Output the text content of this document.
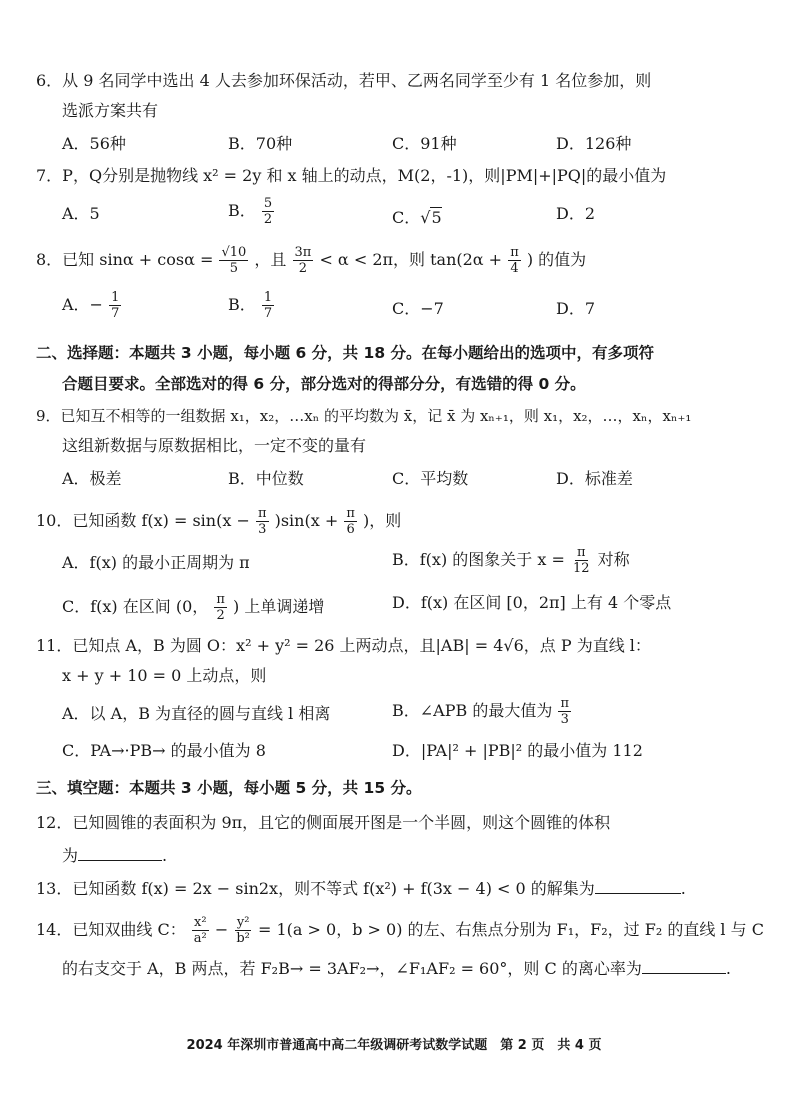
6．从 9 名同学中选出 4 人去参加环保活动，若甲、乙两名同学至少有 1 名位参加，则
选派方案共有
A．56种	B．70种	C．91种	D．126种
7．P，Q分别是抛物线 x² = 2y 和 x 轴上的动点，M(2，-1)，则|PM|+|PQ|的最小值为
A．5	B． $\frac{5}{2}$	C．√5	D．2
8．已知 $\sin\alpha + \cos\alpha = \frac{√10}{5}$ ，且 $\frac{3\pi}{2} < \alpha < 2\pi$，则 $\tan(2\alpha + \frac{\pi}{4}$ ) 的值为
A．− $\frac{1}{7}$	B． $\frac{1}{7}$	C．−7	D．7
二、选择题：本题共 3 小题，每小题 6 分，共 18 分。在每小题给出的选项中，有多项符
合题目要求。全部选对的得 6 分，部分选对的得部分分，有选错的得 0 分。
9．已知互不相等的一组数据 x₁，x₂，…xₙ 的平均数为 x̄，记 x̄ 为 xₙ₊₁，则 x₁，x₂，…，xₙ，xₙ₊₁
这组新数据与原数据相比，一定不变的量有
A．极差	B．中位数	C．平均数	D．标准差
10．已知函数 $f(x) = \sin(x - \frac{\pi}{3} )\sin(x + \frac{\pi}{6}$ )，则
A．f(x) 的最小正周期为 π	B．f(x) 的图象关于 $x = \frac{\pi}{12}$ 对称
C．f(x) 在区间 (0， $\frac{\pi}{2}$ ) 上单调递增	D．f(x) 在区间 [0，2π] 上有 4 个零点
11．已知点 A，B 为圆 O：x² + y² = 26 上两动点，且|AB| = 4√6，点 P 为直线 l：
x + y + 10 = 0 上动点，则
A．以 A，B 为直径的圆与直线 l 相离	B．∠APB 的最大值为 $\frac{\pi}{3}$
C．PA→·PB→ 的最小值为 8	D．|PA|² + |PB|² 的最小值为 112
三、填空题：本题共 3 小题，每小题 5 分，共 15 分。
12．已知圆锥的表面积为 9π，且它的侧面展开图是一个半圆，则这个圆锥的体积
为	.
13．已知函数 f(x) = 2x − sin2x，则不等式 f(x²) + f(3x − 4) < 0 的解集为	.
14．已知双曲线 C： $\frac{\text{x²}}{\text{a²}} - \frac{\text{y²}}{\text{b²}} = 1(a > 0$，b > 0) 的左、右焦点分别为 F₁，F₂，过 F₂ 的直线 l 与 C
的右支交于 A，B 两点，若 F₂B→ = 3AF₂→，∠F₁AF₂ = 60°，则 C 的离心率为	.
2024 年深圳市普通高中高二年级调研考试数学试题　第 2 页　共 4 页
